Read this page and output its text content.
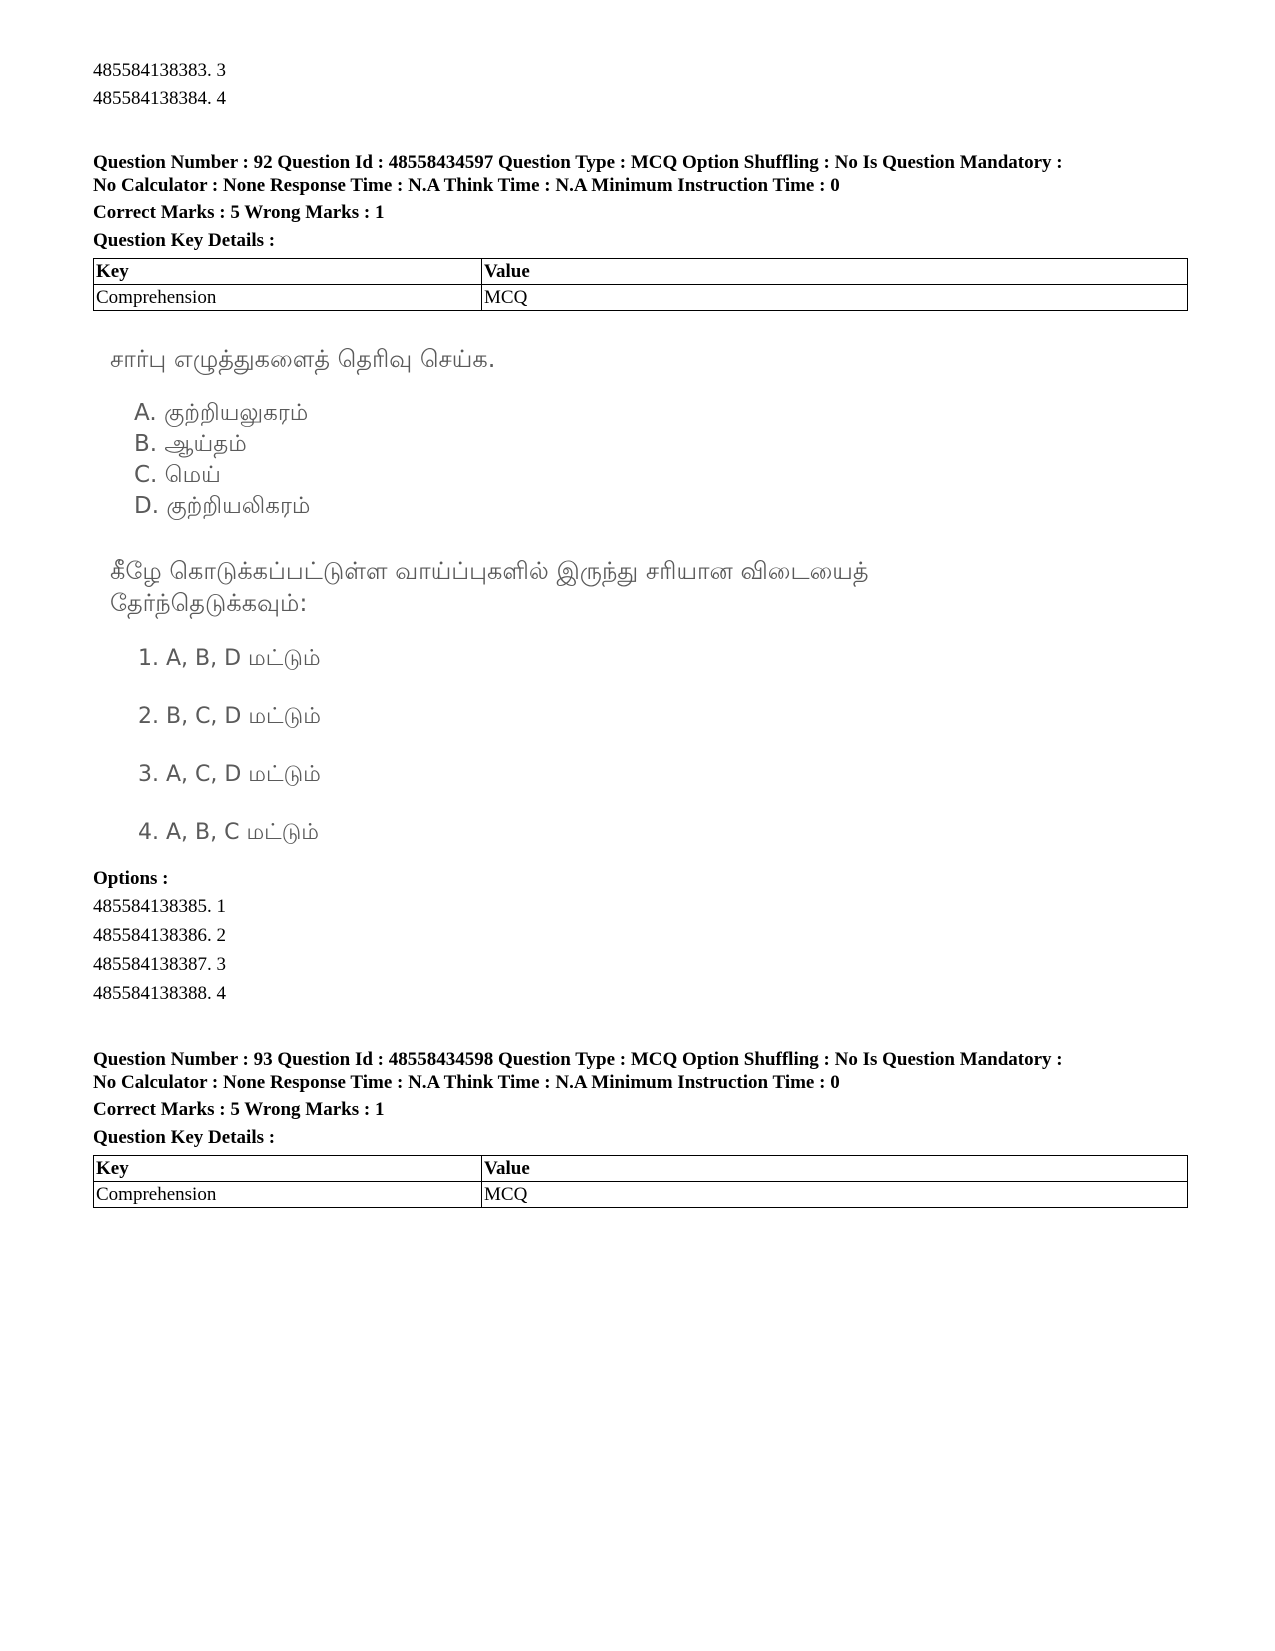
485584138383. 3
485584138384. 4
Question Number : 92 Question Id : 48558434597 Question Type : MCQ Option Shuffling : No Is Question Mandatory :
No Calculator : None Response Time : N.A Think Time : N.A Minimum Instruction Time : 0
Correct Marks : 5 Wrong Marks : 1
Question Key Details :
Key	Value
Comprehension	MCQ
சார்பு எழுத்துகளைத் தெரிவு செய்க.
A. குற்றியலுகரம்
B. ஆய்தம்
C. மெய்
D. குற்றியலிகரம்
கீழே கொடுக்கப்பட்டுள்ள வாய்ப்புகளில் இருந்து சரியான விடையைத்
தேர்ந்தெடுக்கவும்:
1. A, B, D மட்டும்
2. B, C, D மட்டும்
3. A, C, D மட்டும்
4. A, B, C மட்டும்
Options :
485584138385. 1
485584138386. 2
485584138387. 3
485584138388. 4
Question Number : 93 Question Id : 48558434598 Question Type : MCQ Option Shuffling : No Is Question Mandatory :
No Calculator : None Response Time : N.A Think Time : N.A Minimum Instruction Time : 0
Correct Marks : 5 Wrong Marks : 1
Question Key Details :
Key	Value
Comprehension	MCQ
